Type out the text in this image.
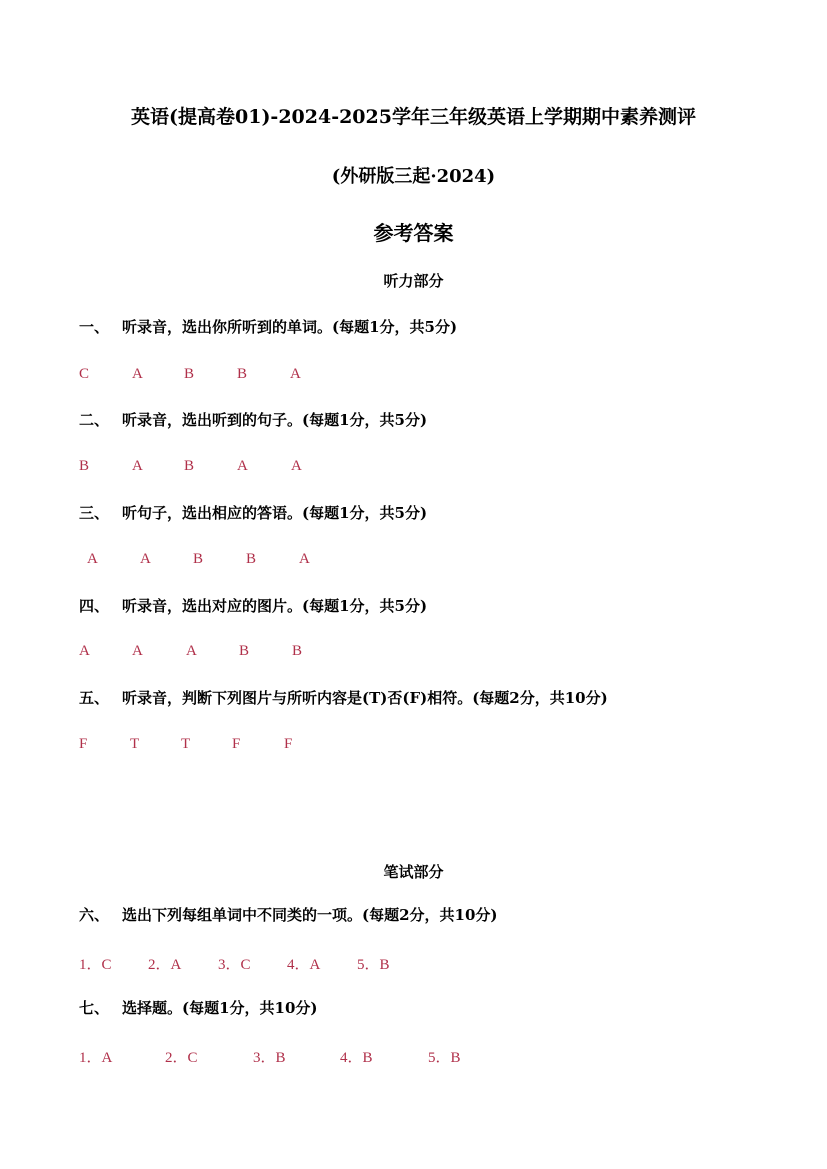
英语(提高卷01)-2024-2025学年三年级英语上学期期中素养测评
(外研版三起·2024)
参考答案
听力部分
一、 听录音，选出你所听到的单词。(每题1分，共5分)
C	A	B	B	A
二、 听录音，选出听到的句子。(每题1分，共5分)
B	A	B	A	A
三、 听句子，选出相应的答语。(每题1分，共5分)
A	A	B	B	A
四、 听录音，选出对应的图片。(每题1分，共5分)
A	A	A	B	B
五、 听录音，判断下列图片与所听内容是(T)否(F)相符。(每题2分，共10分)
F	T	T	F	F
笔试部分
六、 选出下列每组单词中不同类的一项。(每题2分，共10分)
1．C 2．A 3．C 4．A 5．B
七、 选择题。(每题1分，共10分)
1．A	2．C	3．B	4．B	5．B
